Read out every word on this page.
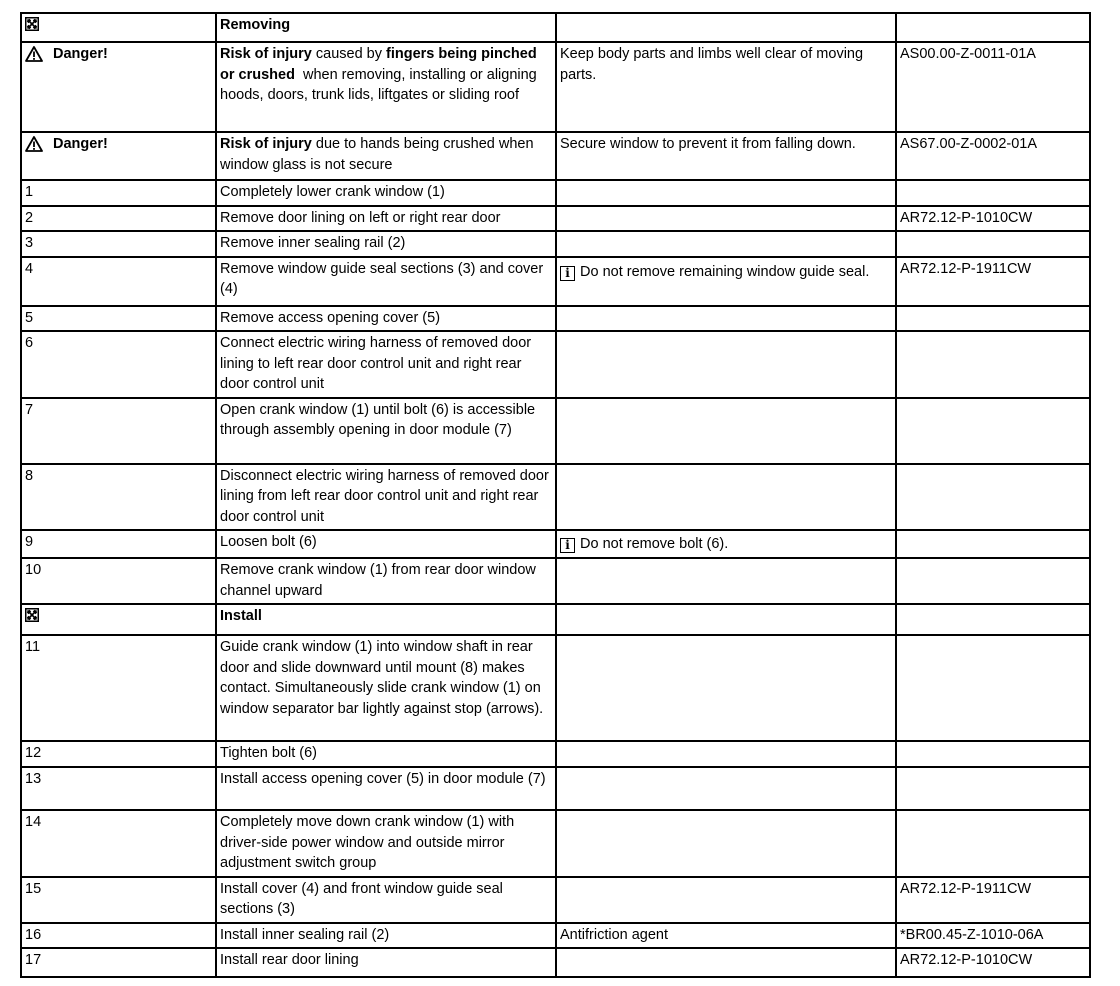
	Removing		

Danger!	Risk of injury caused by fingers being pinched or crushed  when removing, installing or aligning hoods, doors, trunk lids, liftgates or sliding roof	Keep body parts and limbs well clear of moving parts.	AS00.00-Z-0011-01A

Danger!	Risk of injury due to hands being crushed when window glass is not secure	Secure window to prevent it from falling down.	AS67.00-Z-0002-01A
1	Completely lower crank window (1)		
2	Remove door lining on left or right rear door		AR72.12-P-1010CW
3	Remove inner sealing rail (2)		
4	Remove window guide seal sections (3) and cover (4)	i Do not remove remaining window guide seal.	AR72.12-P-1911CW
5	Remove access opening cover (5)		
6	Connect electric wiring harness of removed door lining to left rear door control unit and right rear door control unit		
7	Open crank window (1) until bolt (6) is accessible through assembly opening in door module (7)		
8	Disconnect electric wiring harness of removed door lining from left rear door control unit and right rear door control unit		
9	Loosen bolt (6)	i Do not remove bolt (6).	
10	Remove crank window (1) from rear door window channel upward		
	Install		
11	Guide crank window (1) into window shaft in rear door and slide downward until mount (8) makes contact. Simultaneously slide crank window (1) on window separator bar lightly against stop (arrows).		
12	Tighten bolt (6)		
13	Install access opening cover (5) in door module (7)		
14	Completely move down crank window (1) with driver-side power window and outside mirror adjustment switch group		
15	Install cover (4) and front window guide seal sections (3)		AR72.12-P-1911CW
16	Install inner sealing rail (2)	Antifriction agent	*BR00.45-Z-1010-06A
17	Install rear door lining		AR72.12-P-1010CW
